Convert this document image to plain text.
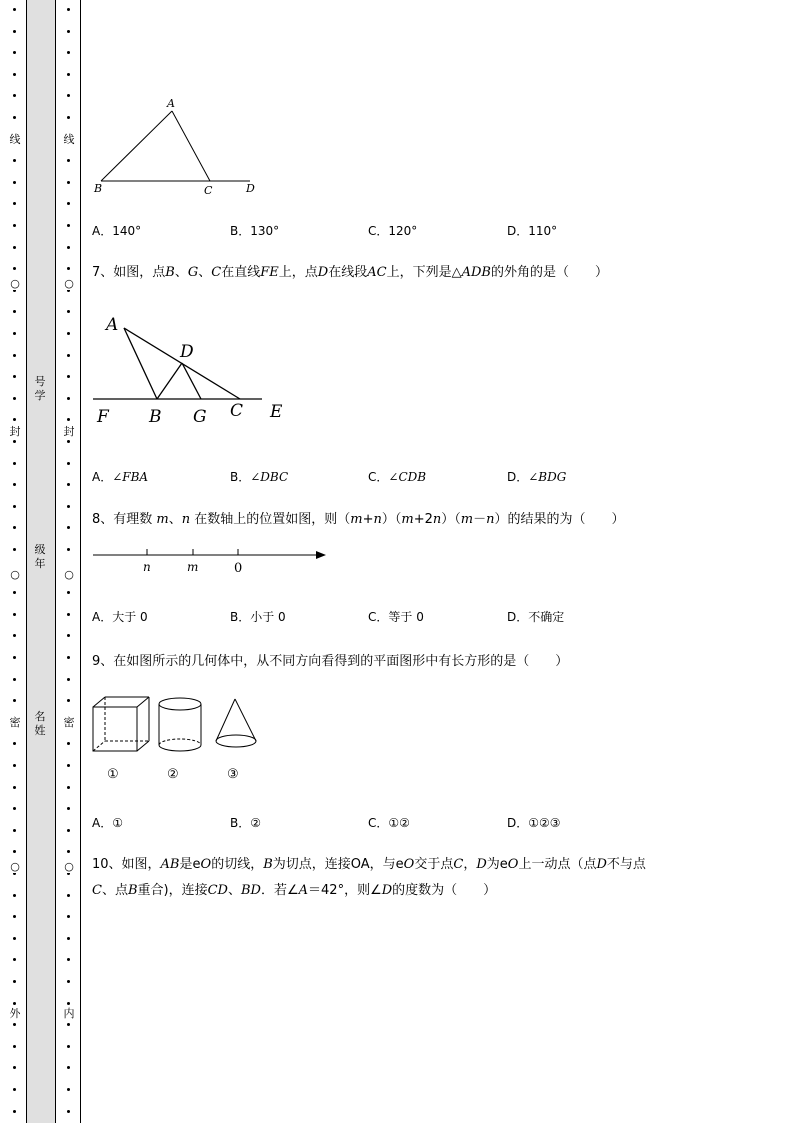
线
○
封
○
密
○
外
线
○
封
○
密
○
内
号
学
级
年
名
姓
A
B	C	D
A．140°	B．130°	C．120°	D．110°
7、如图，点B、G、C在直线FE上，点D在线段AC上，下列是△ADB的外角的是（　　）
A
D
F B G C E
A．∠FBA	B．∠DBC	C．∠CDB	D．∠BDG
8、有理数 m、n 在数轴上的位置如图，则（m+n）（m+2n）（m－n）的结果的为（　　）
n	m	0
A．大于 0	B．小于 0	C．等于 0	D．不确定
9、在如图所示的几何体中，从不同方向看得到的平面图形中有长方形的是（　　）
①	②	③
A．①	B．②	C．①②	D．①②③
10、如图，AB是eO的切线，B为切点，连接OA，与eO交于点C，D为eO上一动点（点D不与点
C、点B重合)，连接CD、BD．若∠A＝42°，则∠D的度数为（　　）
